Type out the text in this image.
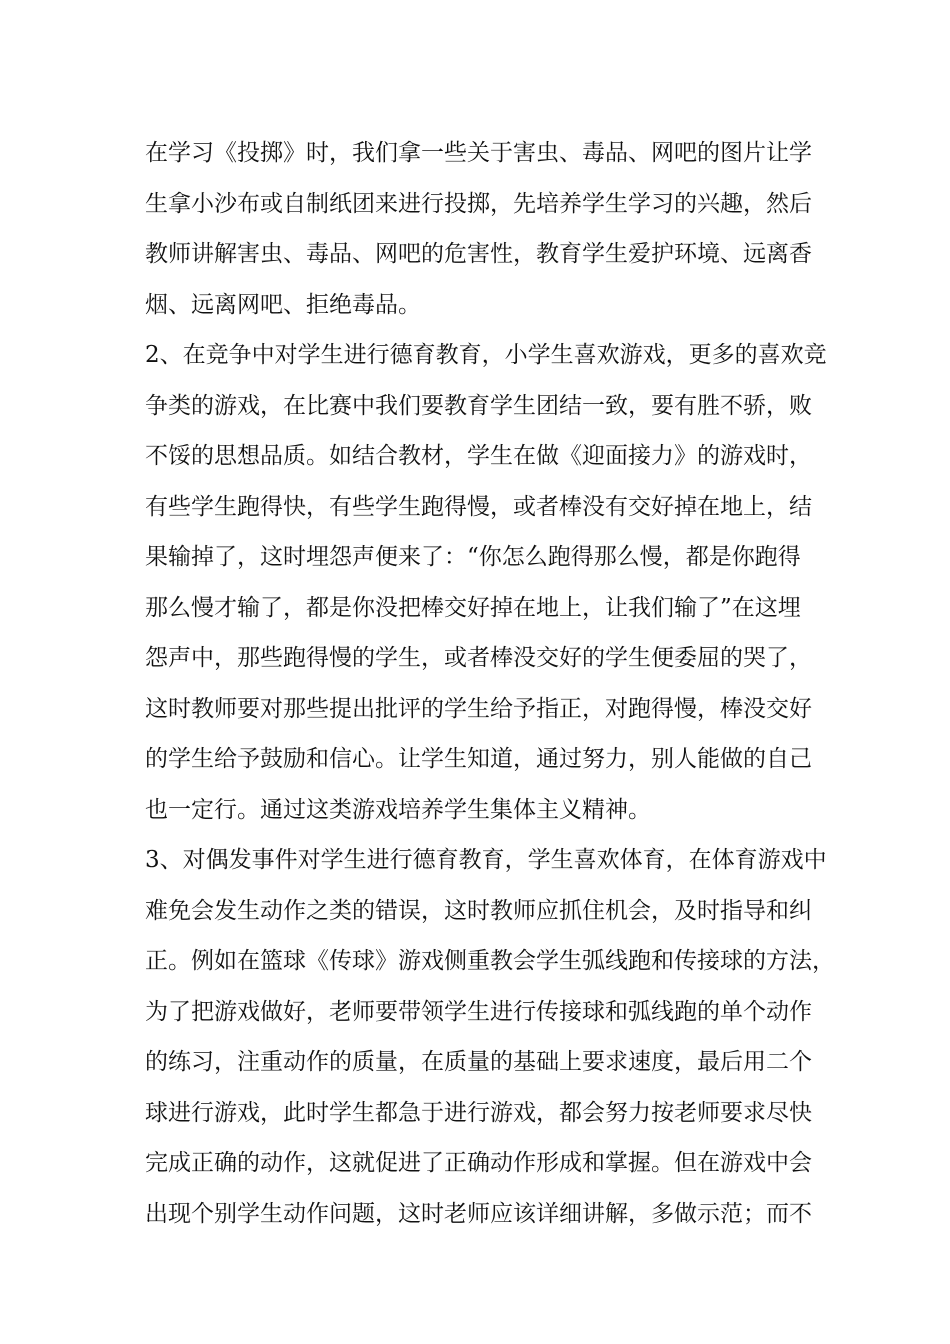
在学习《投掷》时，我们拿一些关于害虫、毒品、网吧的图片让学
生拿小沙布或自制纸团来进行投掷，先培养学生学习的兴趣，然后
教师讲解害虫、毒品、网吧的危害性，教育学生爱护环境、远离香
烟、远离网吧、拒绝毒品。
2、在竞争中对学生进行德育教育，小学生喜欢游戏，更多的喜欢竞
争类的游戏，在比赛中我们要教育学生团结一致，要有胜不骄，败
不馁的思想品质。如结合教材，学生在做《迎面接力》的游戏时，
有些学生跑得快，有些学生跑得慢，或者棒没有交好掉在地上，结
果输掉了，这时埋怨声便来了：“你怎么跑得那么慢，都是你跑得
那么慢才输了，都是你没把棒交好掉在地上，让我们输了”在这埋
怨声中，那些跑得慢的学生，或者棒没交好的学生便委屈的哭了，
这时教师要对那些提出批评的学生给予指正，对跑得慢，棒没交好
的学生给予鼓励和信心。让学生知道，通过努力，别人能做的自己
也一定行。通过这类游戏培养学生集体主义精神。
3、对偶发事件对学生进行德育教育，学生喜欢体育，在体育游戏中
难免会发生动作之类的错误，这时教师应抓住机会，及时指导和纠
正。例如在篮球《传球》游戏侧重教会学生弧线跑和传接球的方法，
为了把游戏做好，老师要带领学生进行传接球和弧线跑的单个动作
的练习，注重动作的质量，在质量的基础上要求速度，最后用二个
球进行游戏，此时学生都急于进行游戏，都会努力按老师要求尽快
完成正确的动作，这就促进了正确动作形成和掌握。但在游戏中会
出现个别学生动作问题，这时老师应该详细讲解，多做示范；而不
